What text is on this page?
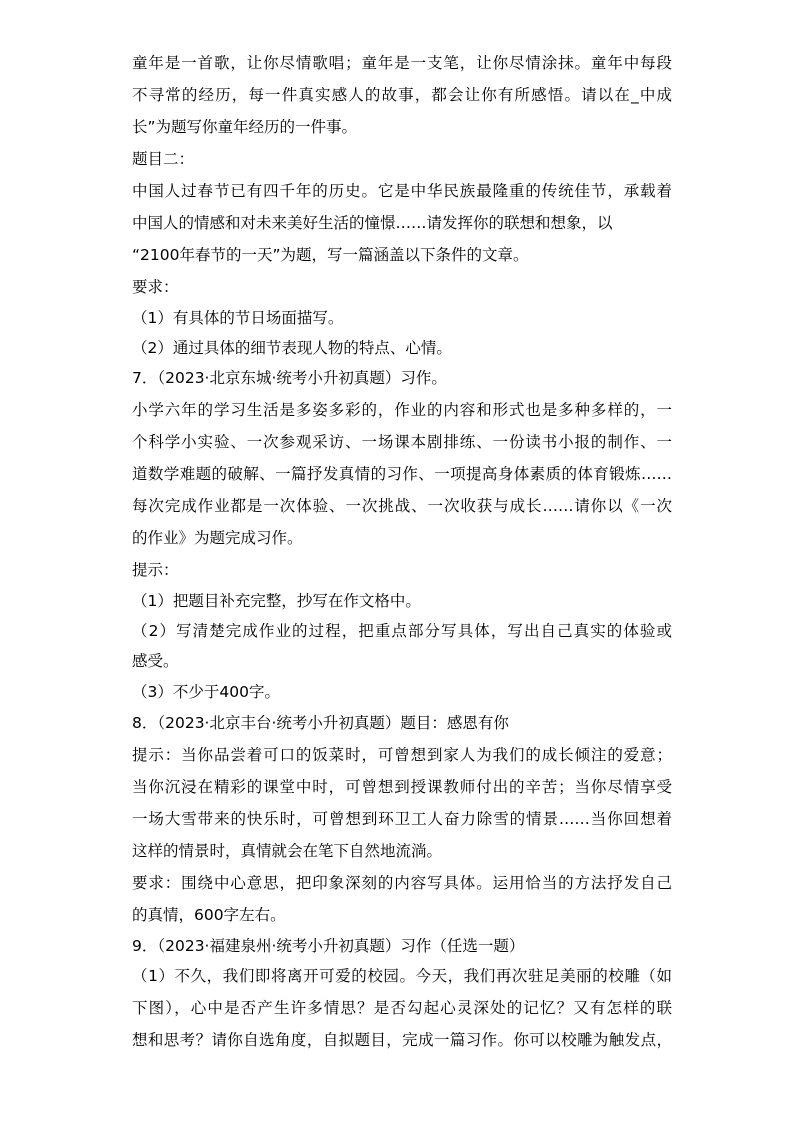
童年是一首歌，让你尽情歌唱；童年是一支笔，让你尽情涂抹。童年中每段
不寻常的经历，每一件真实感人的故事，都会让你有所感悟。请以在_中成
长”为题写你童年经历的一件事。
题目二：
中国人过春节已有四千年的历史。它是中华民族最隆重的传统佳节，承载着
中国人的情感和对未来美好生活的憧憬……请发挥你的联想和想象，以
“2100年春节的一天”为题，写一篇涵盖以下条件的文章。
要求：
（1）有具体的节日场面描写。
（2）通过具体的细节表现人物的特点、心情。
7．（2023·北京东城·统考小升初真题）习作。
小学六年的学习生活是多姿多彩的，作业的内容和形式也是多种多样的，一
个科学小实验、一次参观采访、一场课本剧排练、一份读书小报的制作、一
道数学难题的破解、一篇抒发真情的习作、一项提高身体素质的体育锻炼……
每次完成作业都是一次体验、一次挑战、一次收获与成长……请你以《一次
的作业》为题完成习作。
提示：
（1）把题目补充完整，抄写在作文格中。
（2）写清楚完成作业的过程，把重点部分写具体，写出自己真实的体验或
感受。
（3）不少于400字。
8．（2023·北京丰台·统考小升初真题）题目：感恩有你
提示：当你品尝着可口的饭菜时，可曾想到家人为我们的成长倾注的爱意；
当你沉浸在精彩的课堂中时，可曾想到授课教师付出的辛苦；当你尽情享受
一场大雪带来的快乐时，可曾想到环卫工人奋力除雪的情景……当你回想着
这样的情景时，真情就会在笔下自然地流淌。
要求：围绕中心意思，把印象深刻的内容写具体。运用恰当的方法抒发自己
的真情，600字左右。
9．（2023·福建泉州·统考小升初真题）习作（任选一题）
（1）不久，我们即将离开可爱的校园。今天，我们再次驻足美丽的校雕（如
下图），心中是否产生许多情思？是否勾起心灵深处的记忆？又有怎样的联
想和思考？请你自选角度，自拟题目，完成一篇习作。你可以校雕为触发点，
